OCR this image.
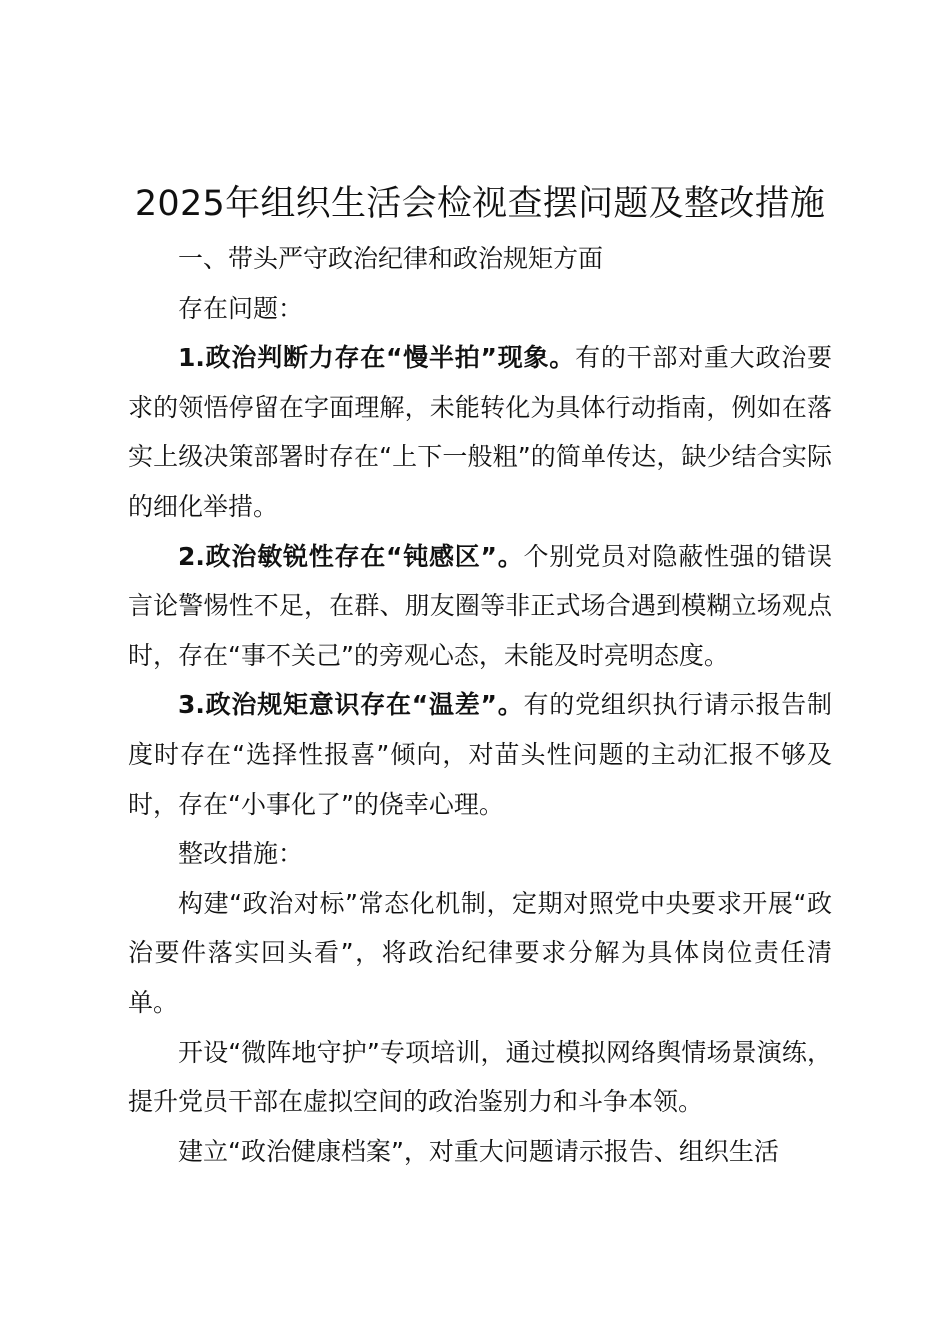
2025年组织生活会检视查摆问题及整改措施

一、带头严守政治纪律和政治规矩方面

存在问题：

1.政治判断力存在“慢半拍”现象。有的干部对重大政治要求的领悟停留在字面理解，未能转化为具体行动指南，例如在落实上级决策部署时存在“上下一般粗”的简单传达，缺少结合实际的细化举措。

2.政治敏锐性存在“钝感区”。个别党员对隐蔽性强的错误言论警惕性不足，在群、朋友圈等非正式场合遇到模糊立场观点时，存在“事不关己”的旁观心态，未能及时亮明态度。

3.政治规矩意识存在“温差”。有的党组织执行请示报告制度时存在“选择性报喜”倾向，对苗头性问题的主动汇报不够及时，存在“小事化了”的侥幸心理。

整改措施：

构建“政治对标”常态化机制，定期对照党中央要求开展“政治要件落实回头看”，将政治纪律要求分解为具体岗位责任清单。

开设“微阵地守护”专项培训，通过模拟网络舆情场景演练，提升党员干部在虚拟空间的政治鉴别力和斗争本领。

建立“政治健康档案”，对重大问题请示报告、组织生活
